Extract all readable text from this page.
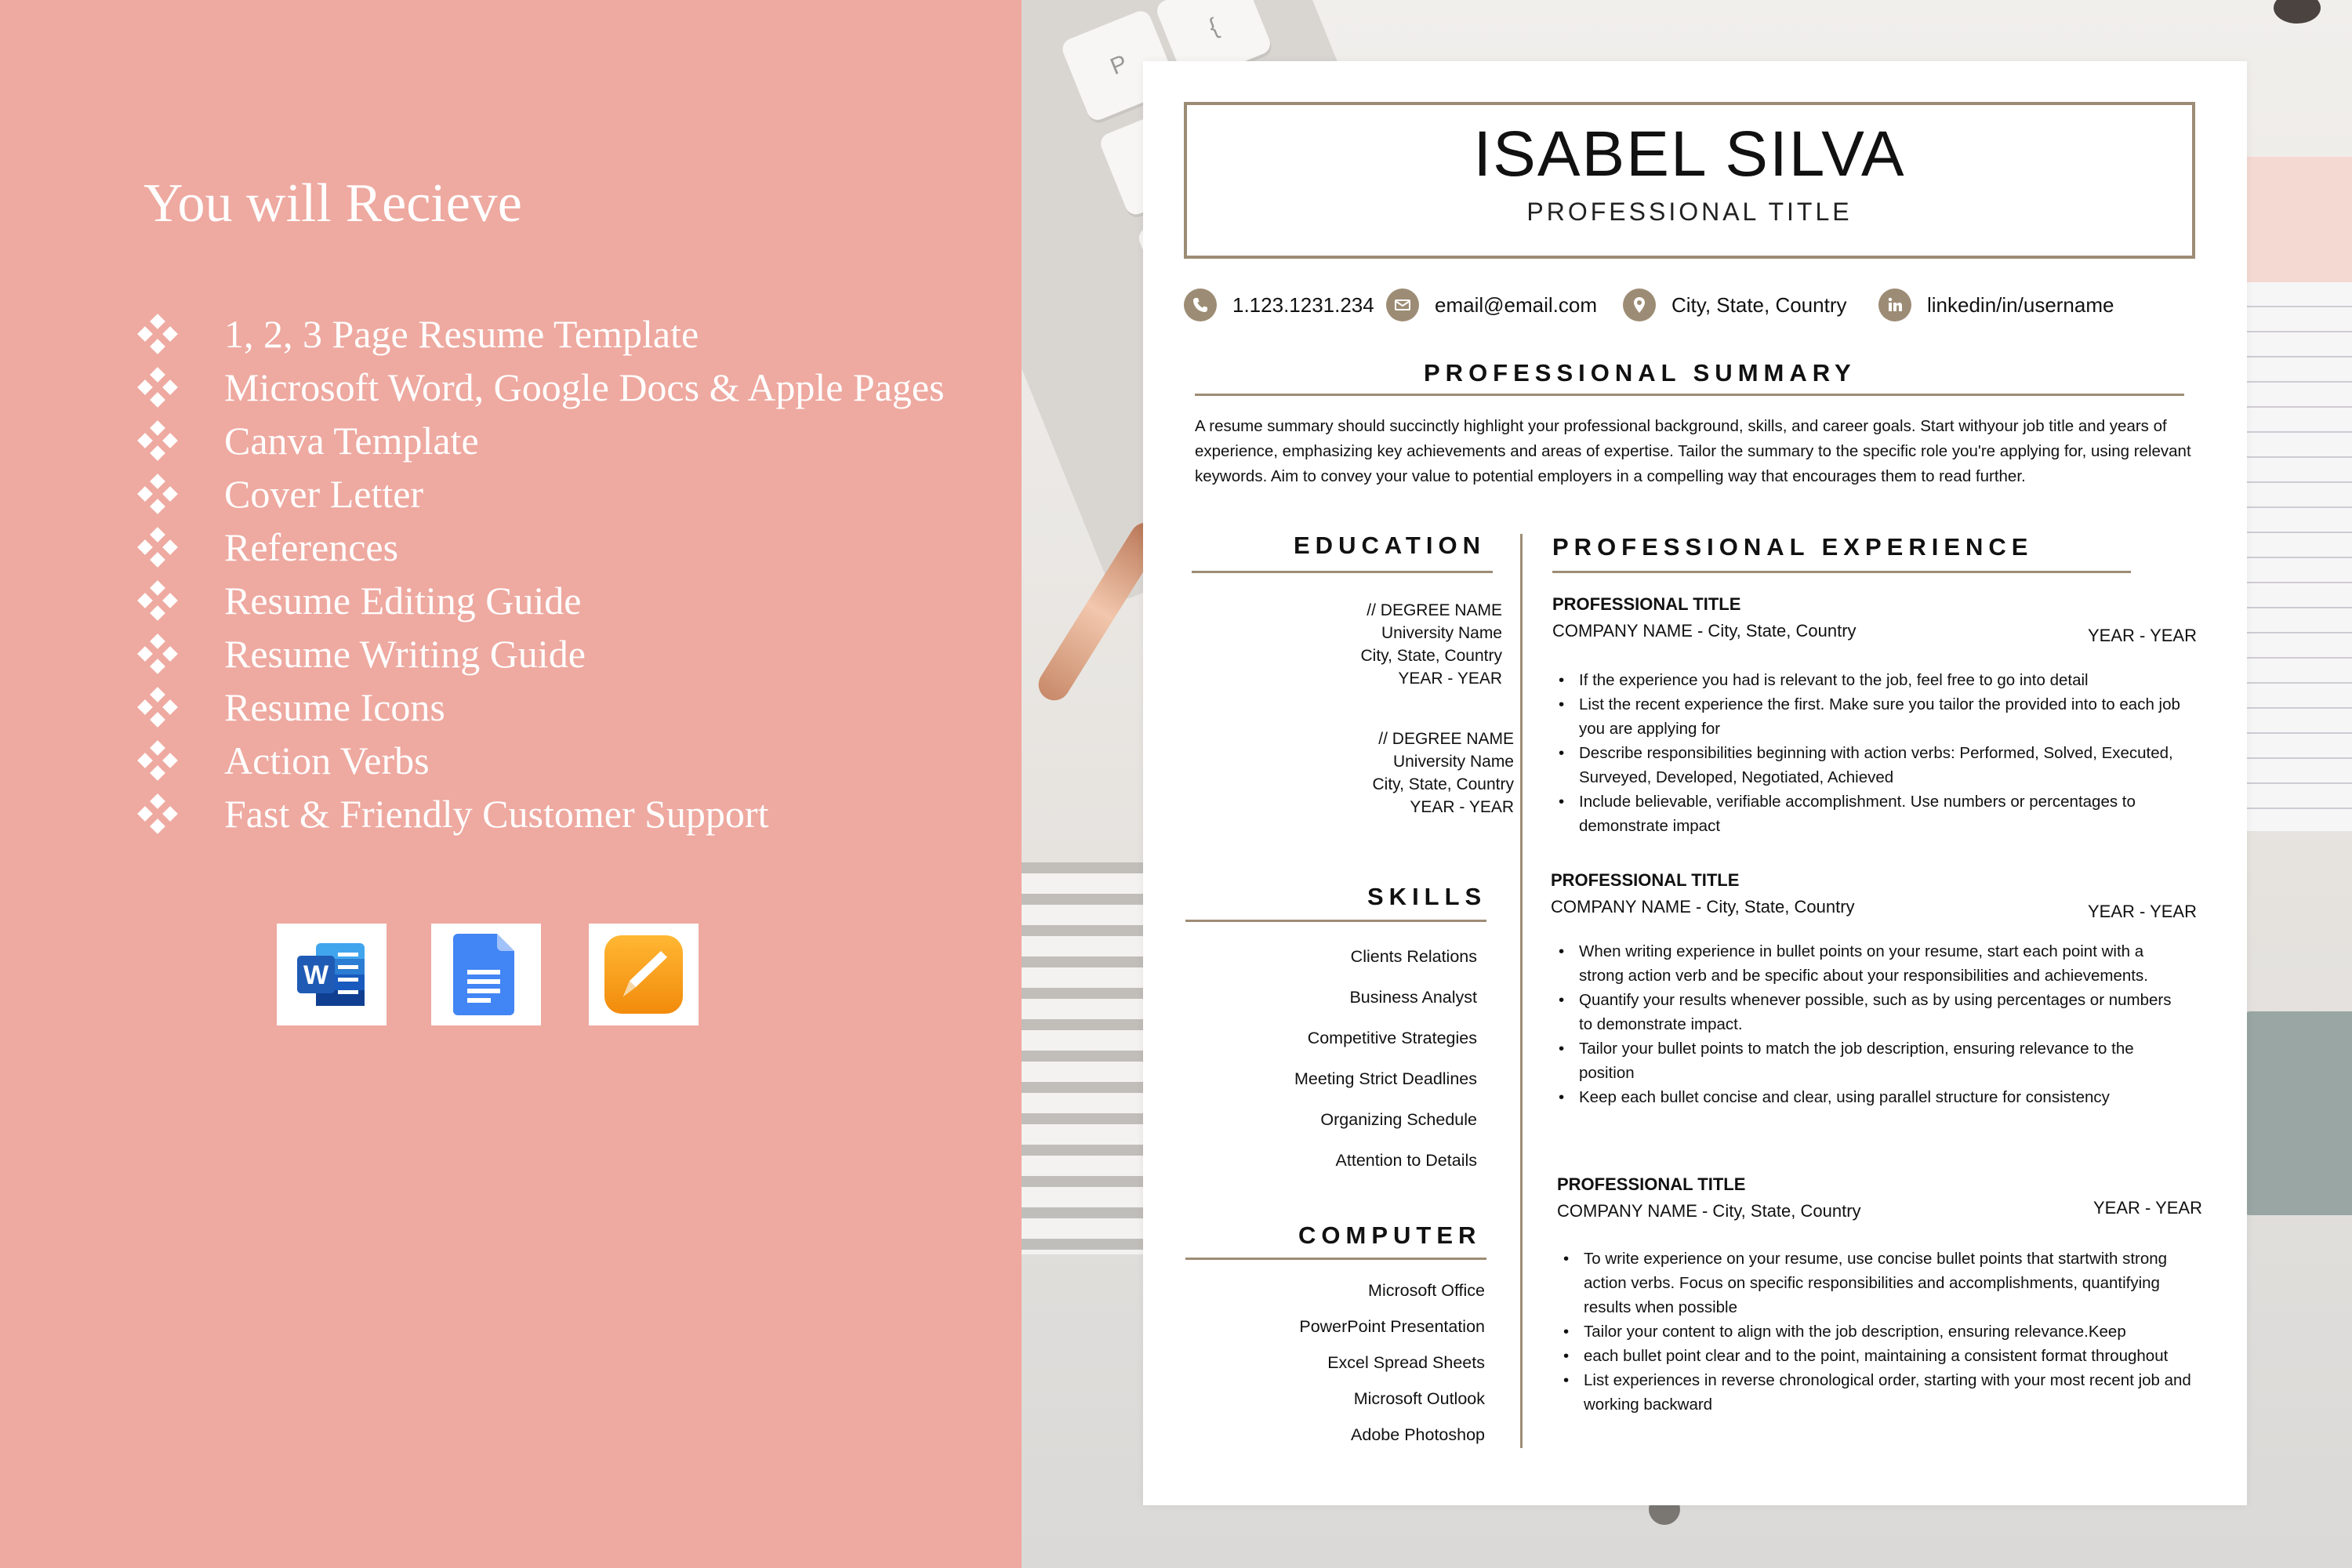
You will Recieve
1, 2, 3 Page Resume Template
Microsoft Word, Google Docs & Apple Pages
Canva Template
Cover Letter
References
Resume Editing Guide
Resume Writing Guide
Resume Icons
Action Verbs
Fast & Friendly Customer Support
W
P
{
ISABEL SILVA
PROFESSIONAL TITLE
1.123.1231.234	email@email.com	City, State, Country	linkedin/in/username
PROFESSIONAL SUMMARY
A resume summary should succinctly highlight your professional background, skills, and career goals. Start withyour job title and years of experience, emphasizing key achievements and areas of expertise. Tailor the summary to the specific role you're applying for, using relevant keywords. Aim to convey your value to potential employers in a compelling way that encourages them to read further.
EDUCATION
// DEGREE NAME
University Name
City, State, Country
YEAR - YEAR
// DEGREE NAME
University Name
City, State, Country
YEAR - YEAR
SKILLS
Clients Relations
Business Analyst
Competitive Strategies
Meeting Strict Deadlines
Organizing Schedule
Attention to Details
COMPUTER
Microsoft Office
PowerPoint Presentation
Excel Spread Sheets
Microsoft Outlook
Adobe Photoshop
PROFESSIONAL EXPERIENCE
PROFESSIONAL TITLE
COMPANY NAME - City, State, Country	YEAR - YEAR
• If the experience you had is relevant to the job, feel free to go into detail
• List the recent experience the first. Make sure you tailor the provided into to each job you are applying for
• Describe responsibilities beginning with action verbs: Performed, Solved, Executed, Surveyed, Developed, Negotiated, Achieved
• Include believable, verifiable accomplishment. Use numbers or percentages to demonstrate impact
PROFESSIONAL TITLE
COMPANY NAME - City, State, Country	YEAR - YEAR
• When writing experience in bullet points on your resume, start each point with a strong action verb and be specific about your responsibilities and achievements.
• Quantify your results whenever possible, such as by using percentages or numbers to demonstrate impact.
• Tailor your bullet points to match the job description, ensuring relevance to the position
• Keep each bullet concise and clear, using parallel structure for consistency
PROFESSIONAL TITLE
COMPANY NAME - City, State, Country	YEAR - YEAR
• To write experience on your resume, use concise bullet points that startwith strong action verbs. Focus on specific responsibilities and accomplishments, quantifying results when possible
• Tailor your content to align with the job description, ensuring relevance.Keep
• each bullet point clear and to the point, maintaining a consistent format throughout
• List experiences in reverse chronological order, starting with your most recent job and working backward
